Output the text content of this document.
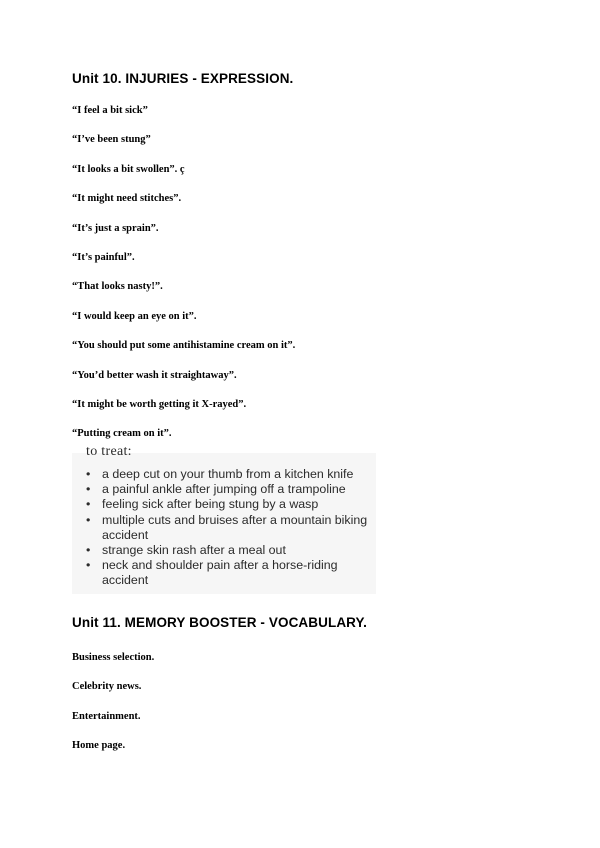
Unit 10. INJURIES - EXPRESSION.
“I feel a bit sick”
“I’ve been stung”
“It looks a bit swollen”. ç
“It might need stitches”.
“It’s just a sprain”.
“It’s painful”.
“That looks nasty!”.
“I would keep an eye on it”.
“You should put some antihistamine cream on it”.
“You’d better wash it straightaway”.
“It might be worth getting it X-rayed”.
“Putting cream on it”.
to treat:
• a deep cut on your thumb from a kitchen knife
• a painful ankle after jumping off a trampoline
• feeling sick after being stung by a wasp
• multiple cuts and bruises after a mountain biking accident
• strange skin rash after a meal out
• neck and shoulder pain after a horse-riding accident
Unit 11. MEMORY BOOSTER - VOCABULARY.
Business selection.
Celebrity news.
Entertainment.
Home page.
